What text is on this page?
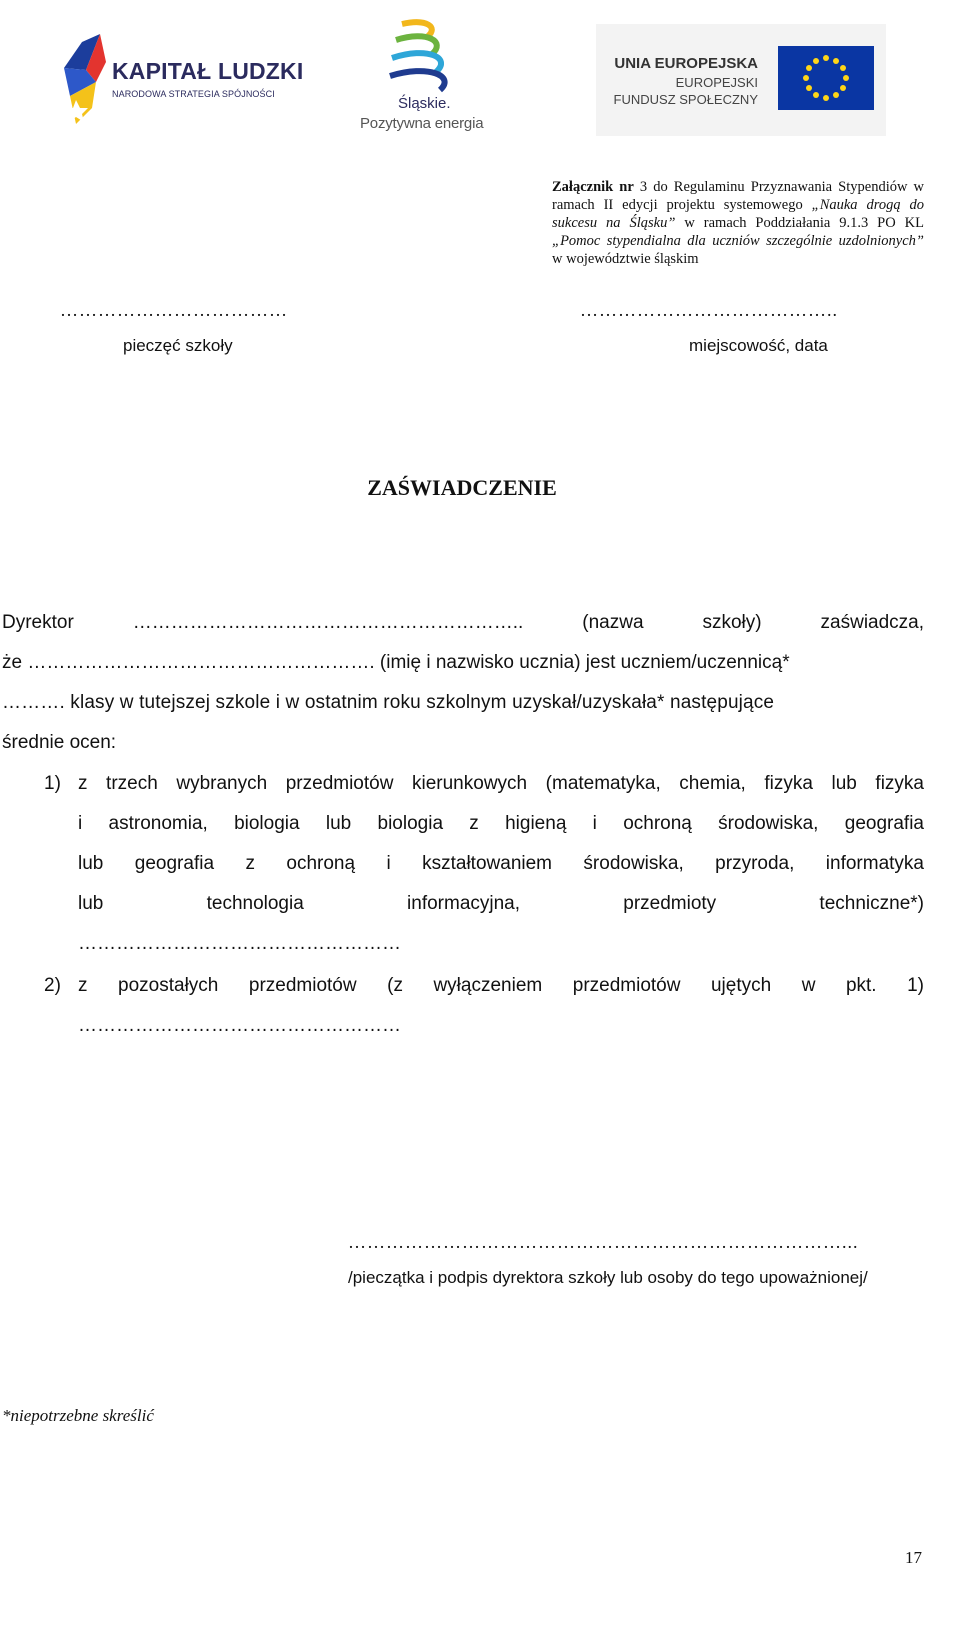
KAPITAŁ LUDZKI
NARODOWA STRATEGIA SPÓJNOŚCI
Śląskie.
Pozytywna energia
UNIA EUROPEJSKA
EUROPEJSKI
FUNDUSZ SPOŁECZNY
Załącznik nr 3 do Regulaminu Przyznawania Stypendiów w ramach II edycji projektu systemowego „Nauka drogą do sukcesu na Śląsku” w ramach Poddziałania 9.1.3 PO KL „Pomoc stypendialna dla uczniów szczególnie uzdolnionych” w województwie śląskim
………………………………
pieczęć szkoły
…………………………………..
miejscowość, data
ZAŚWIADCZENIE
Dyrektor	……………………………………………………..	(nazwa szkoły)	zaświadcza,
że ………………………………………………. (imię i nazwisko ucznia) jest uczniem/uczennicą*
………. klasy w tutejszej szkole i w ostatnim roku szkolnym uzyskał/uzyskała* następujące
średnie ocen:
1) z trzech wybranych przedmiotów kierunkowych (matematyka, chemia, fizyka lub fizyka
i astronomia, biologia lub biologia z higieną i ochroną środowiska, geografia
lub geografia z ochroną i kształtowaniem środowiska, przyroda, informatyka
lub technologia informacyjna, przedmioty techniczne*)
……………………………………………
2) z pozostałych przedmiotów (z wyłączeniem przedmiotów ujętych w pkt. 1)
……………………………………………
……………………………………………………………………...
/pieczątka i podpis dyrektora szkoły lub osoby do tego upoważnionej/
*niepotrzebne skreślić
17
